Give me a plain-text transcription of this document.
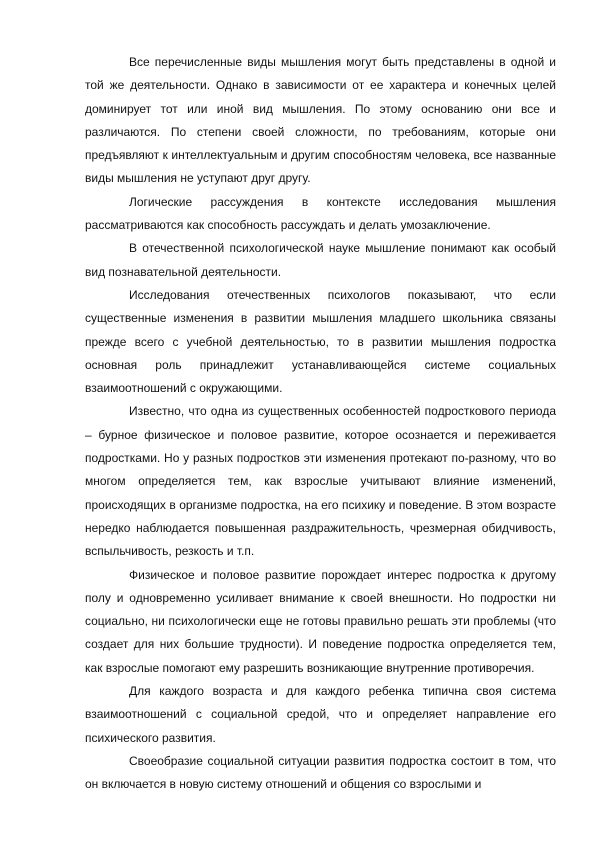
Все перечисленные виды мышления могут быть представлены в одной и той же деятельности. Однако в зависимости от ее характера и конечных целей доминирует тот или иной вид мышления. По этому основанию они все и различаются. По степени своей сложности, по требованиям, которые они предъявляют к интеллектуальным и другим способностям человека, все названные виды мышления не уступают друг другу.

Логические рассуждения в контексте исследования мышления рассматриваются как способность рассуждать и делать умозаключение.

В отечественной психологической науке мышление понимают как особый вид познавательной деятельности.

Исследования отечественных психологов показывают, что если существенные изменения в развитии мышления младшего школьника связаны прежде всего с учебной деятельностью, то в развитии мышления подростка основная роль принадлежит устанавливающейся системе социальных взаимоотношений с окружающими.

Известно, что одна из существенных особенностей подросткового периода – бурное физическое и половое развитие, которое осознается и переживается подростками. Но у разных подростков эти изменения протекают по-разному, что во многом определяется тем, как взрослые учитывают влияние изменений, происходящих в организме подростка, на его психику и поведение. В этом возрасте нередко наблюдается повышенная раздражительность, чрезмерная обидчивость, вспыльчивость, резкость и т.п.

Физическое и половое развитие порождает интерес подростка к другому полу и одновременно усиливает внимание к своей внешности. Но подростки ни социально, ни психологически еще не готовы правильно решать эти проблемы (что создает для них большие трудности). И поведение подростка определяется тем, как взрослые помогают ему разрешить возникающие внутренние противоречия.

Для каждого возраста и для каждого ребенка типична своя система взаимоотношений с социальной средой, что и определяет направление его психического развития.

Своеобразие социальной ситуации развития подростка состоит в том, что он включается в новую систему отношений и общения со взрослыми и
